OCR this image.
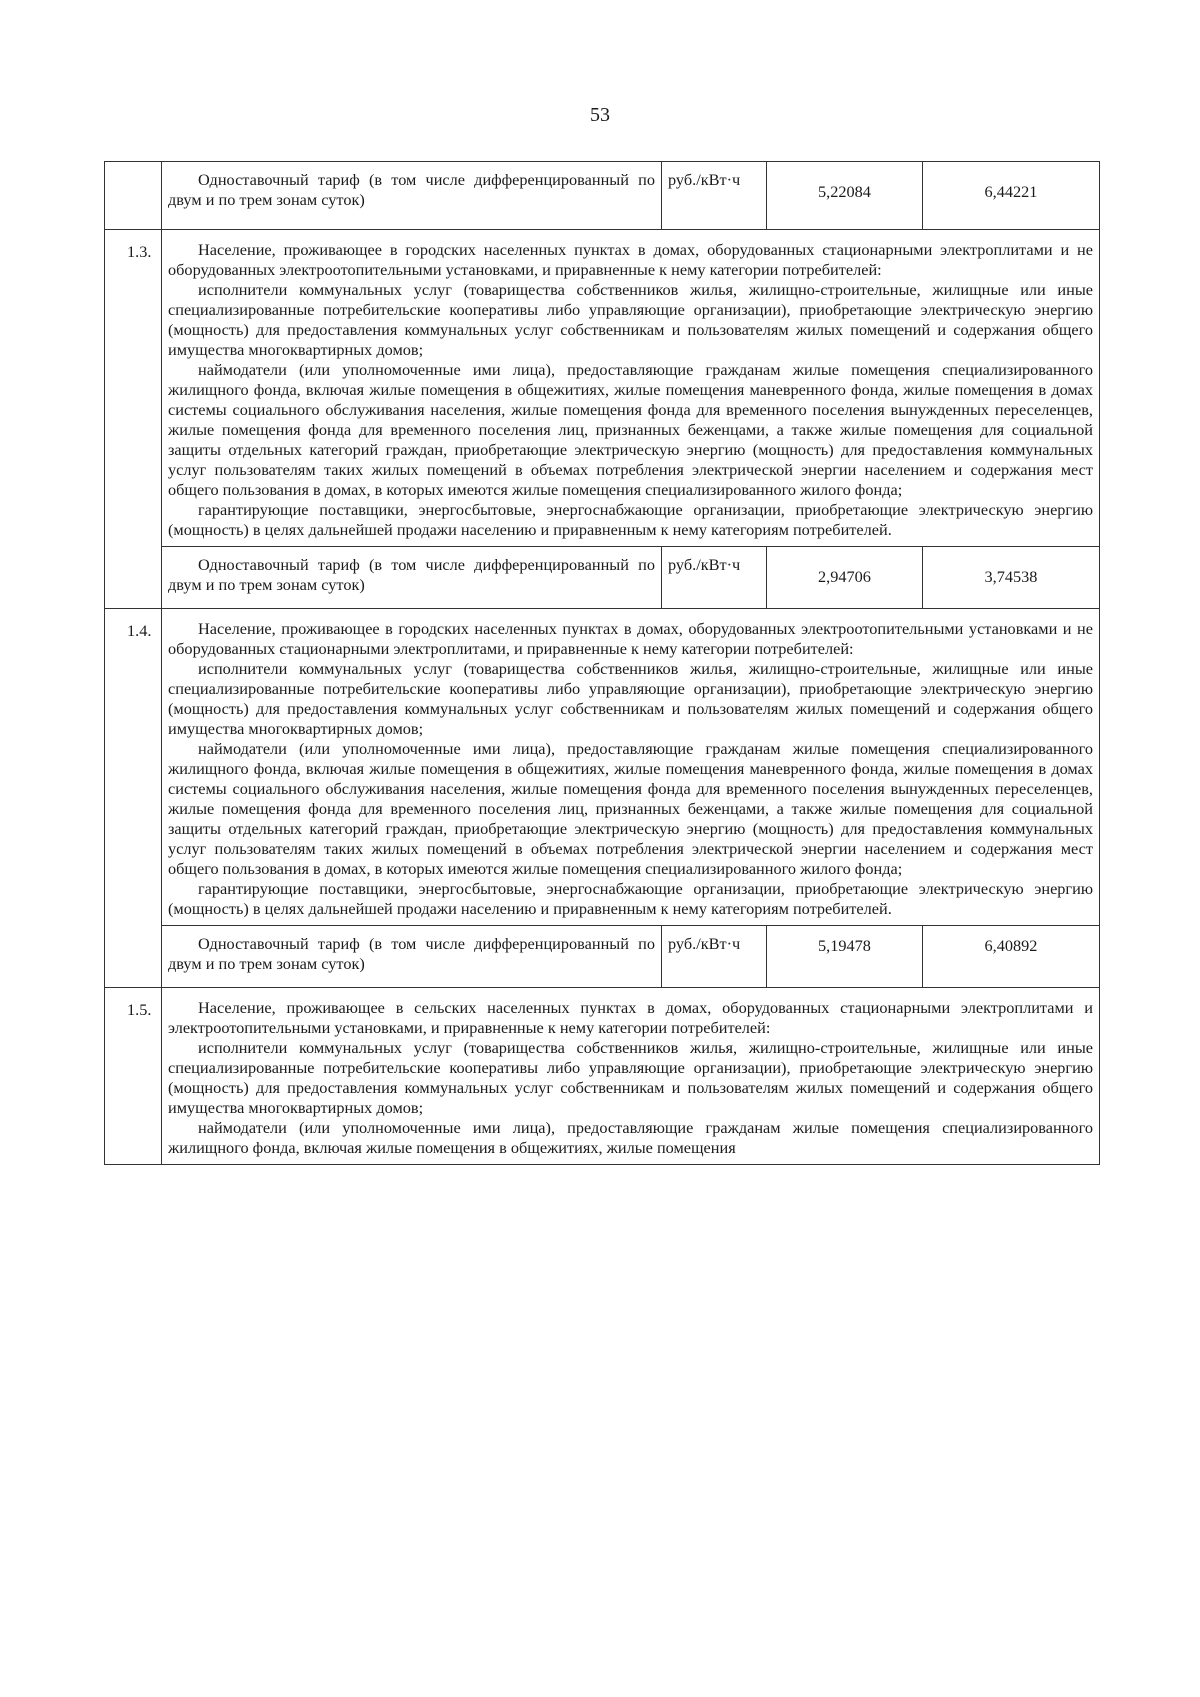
53

	Одноставочный тариф (в том числе дифференцированный по двум и по трем зонам суток)	руб./кВт·ч	5,22084	6,44221
1.3.	Население, проживающее в городских населенных пунктах в домах, оборудованных стационарными электроплитами и не оборудованных электроотопительными установками, и приравненные к нему категории потребителей:

исполнители коммунальных услуг (товарищества собственников жилья, жилищно-строительные, жилищные или иные специализированные потребительские кооперативы либо управляющие организации), приобретающие электрическую энергию (мощность) для предоставления коммунальных услуг собственникам и пользователям жилых помещений и содержания общего имущества многоквартирных домов;

наймодатели (или уполномоченные ими лица), предоставляющие гражданам жилые помещения специализированного жилищного фонда, включая жилые помещения в общежитиях, жилые помещения маневренного фонда, жилые помещения в домах системы социального обслуживания населения, жилые помещения фонда для временного поселения вынужденных переселенцев, жилые помещения фонда для временного поселения лиц, признанных беженцами, а также жилые помещения для социальной защиты отдельных категорий граждан, приобретающие электрическую энергию (мощность) для предоставления коммунальных услуг пользователям таких жилых помещений в объемах потребления электрической энергии населением и содержания мест общего пользования в домах, в которых имеются жилые помещения специализированного жилого фонда;

гарантирующие поставщики, энергосбытовые, энергоснабжающие организации, приобретающие электрическую энергию (мощность) в целях дальнейшей продажи населению и приравненным к нему категориям потребителей.			

	Одноставочный тариф (в том числе дифференцированный по двум и по трем зонам суток)	руб./кВт·ч	2,94706	3,74538
1.4.	Население, проживающее в городских населенных пунктах в домах, оборудованных электроотопительными установками и не оборудованных стационарными электроплитами, и приравненные к нему категории потребителей:

исполнители коммунальных услуг (товарищества собственников жилья, жилищно-строительные, жилищные или иные специализированные потребительские кооперативы либо управляющие организации), приобретающие электрическую энергию (мощность) для предоставления коммунальных услуг собственникам и пользователям жилых помещений и содержания общего имущества многоквартирных домов;

наймодатели (или уполномоченные ими лица), предоставляющие гражданам жилые помещения специализированного жилищного фонда, включая жилые помещения в общежитиях, жилые помещения маневренного фонда, жилые помещения в домах системы социального обслуживания населения, жилые помещения фонда для временного поселения вынужденных переселенцев, жилые помещения фонда для временного поселения лиц, признанных беженцами, а также жилые помещения для социальной защиты отдельных категорий граждан, приобретающие электрическую энергию (мощность) для предоставления коммунальных услуг пользователям таких жилых помещений в объемах потребления электрической энергии населением и содержания мест общего пользования в домах, в которых имеются жилые помещения специализированного жилого фонда;

гарантирующие поставщики, энергосбытовые, энергоснабжающие организации, приобретающие электрическую энергию (мощность) в целях дальнейшей продажи населению и приравненным к нему категориям потребителей.			

	Одноставочный тариф (в том числе дифференцированный по двум и по трем зонам суток)	руб./кВт·ч	5,19478	6,40892
1.5.	Население, проживающее в сельских населенных пунктах в домах, оборудованных стационарными электроплитами и электроотопительными установками, и приравненные к нему категории потребителей:

исполнители коммунальных услуг (товарищества собственников жилья, жилищно-строительные, жилищные или иные специализированные потребительские кооперативы либо управляющие организации), приобретающие электрическую энергию (мощность) для предоставления коммунальных услуг собственникам и пользователям жилых помещений и содержания общего имущества многоквартирных домов;

наймодатели (или уполномоченные ими лица), предоставляющие гражданам жилые помещения специализированного жилищного фонда, включая жилые помещения в общежитиях, жилые помещения			
